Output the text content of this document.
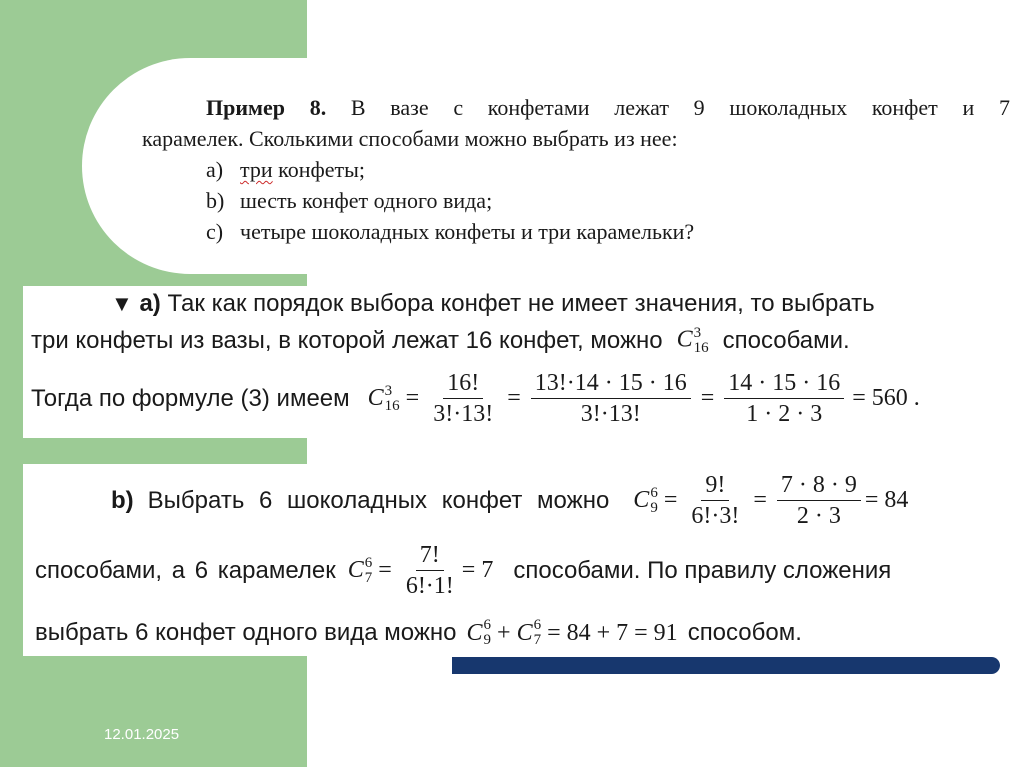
Пример 8. В вазе с конфетами лежат 9 шоколадных конфет и 7
карамелек. Сколькими способами можно выбрать из нее:
a) три конфеты;
b) шесть конфет одного вида;
c) четыре шоколадных конфеты и три карамельки?
▼ a) Так как порядок выбора конфет не имеет значения, то выбрать
три конфеты из вазы, в которой лежат 16 конфет, можно C 3
16 способами.
Тогда по формуле (3) имеем C 3
$16 = \frac{16!}{3!\cdot 13!} = \frac{13!\cdot 14 \cdot 15 \cdot 16}{3!\cdot 13!} = \frac{14 \cdot 15 \cdot 16}{1 \cdot 2 \cdot 3} = 560$ .
b) Выбрать 6 шоколадных конфет можно C 6
$9 = \frac{9!}{6!\cdot 3!} = \frac{7 \cdot 8 \cdot 9}{2 \cdot 3} = 84$
способами, а 6 карамелек C 6
$7 = \frac{7!}{6!\cdot 1!} = 7$ способами. По правилу сложения
выбрать 6 конфет одного вида можно C 6
9 + C 6
7 = 84 + 7 = 91 способом.
12.01.2025
